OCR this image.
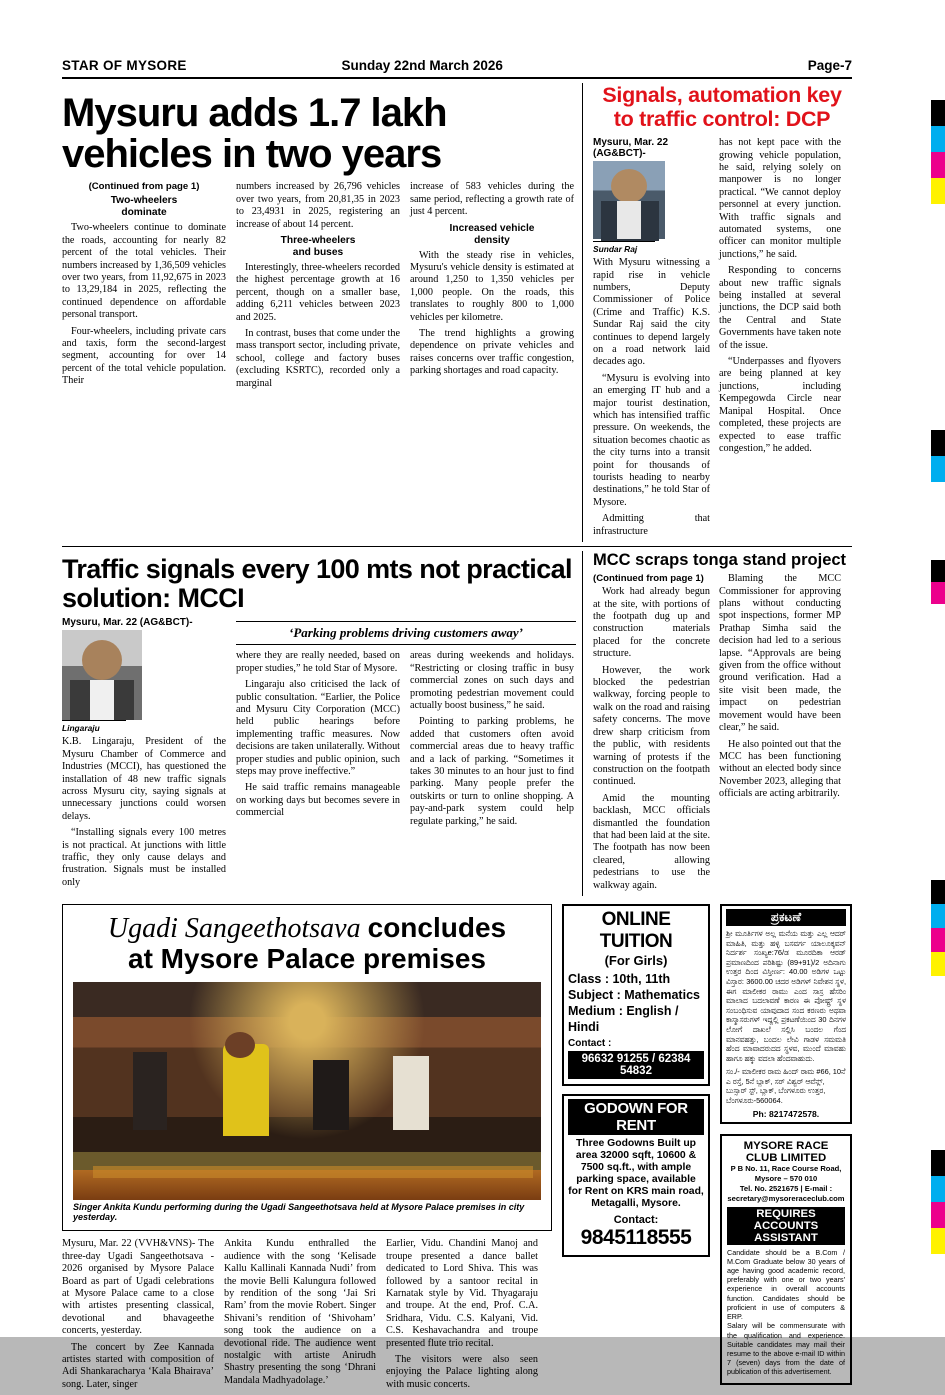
STAR OF MYSORE	Sunday 22nd March 2026	Page-7
Mysuru adds 1.7 lakh vehicles in two years
(Continued from page 1)
Two-wheelers
dominate

Two-wheelers continue to dominate the roads, accounting for nearly 82 percent of the total vehicles. Their numbers increased by 1,36,509 vehicles over two years, from 11,92,675 in 2023 to 13,29,184 in 2025, reflecting the continued dependence on affordable personal transport.

Four-wheelers, including private cars and taxis, form the second-largest segment, accounting for over 14 percent of the total vehicle population. Their

numbers increased by 26,796 vehicles over two years, from 20,81,35 in 2023 to 23,4931 in 2025, registering an increase of about 14 percent.

Three-wheelers
and buses

Interestingly, three-wheelers recorded the highest percentage growth at 16 percent, though on a smaller base, adding 6,211 vehicles between 2023 and 2025.

In contrast, buses that come under the mass transport sector, including private, school, college and factory buses (excluding KSRTC), recorded only a marginal

increase of 583 vehicles during the same period, reflecting a growth rate of just 4 percent.

Increased vehicle
density

With the steady rise in vehicles, Mysuru's vehicle density is estimated at around 1,250 to 1,350 vehicles per 1,000 people. On the roads, this translates to roughly 800 to 1,000 vehicles per kilometre.

The trend highlights a growing dependence on private vehicles and raises concerns over traffic congestion, parking shortages and road capacity.

Signals, automation key to traffic control: DCP
Mysuru, Mar. 22 (AG&BCT)-
Sundar Raj

With Mysuru witnessing a rapid rise in vehicle numbers, Deputy Commissioner of Police (Crime and Traffic) K.S. Sundar Raj said the city continues to depend largely on a road network laid decades ago.

“Mysuru is evolving into an emerging IT hub and a major tourist destination, which has intensified traffic pressure. On weekends, the situation becomes chaotic as the city turns into a transit point for thousands of tourists heading to nearby destinations,” he told Star of Mysore.

Admitting that infrastructure

has not kept pace with the growing vehicle population, he said, relying solely on manpower is no longer practical. “We cannot deploy personnel at every junction. With traffic signals and automated systems, one officer can monitor multiple junctions,” he said.

Responding to concerns about new traffic signals being installed at several junctions, the DCP said both the Central and State Governments have taken note of the issue.

“Underpasses and flyovers are being planned at key junctions, including Kempegowda Circle near Manipal Hospital. Once completed, these projects are expected to ease traffic congestion,” he added.

Traffic signals every 100 mts not practical solution: MCCI
Mysuru, Mar. 22 (AG&BCT)-
Lingaraju

K.B. Lingaraju, President of the Mysuru Chamber of Commerce and Industries (MCCI), has questioned the installation of 48 new traffic signals across Mysuru city, saying signals at unnecessary junctions could worsen delays.

“Installing signals every 100 metres is not practical. At junctions with little traffic, they only cause delays and frustration. Signals must be installed only

‘Parking problems driving customers away’

where they are really needed, based on proper studies,” he told Star of Mysore.

Lingaraju also criticised the lack of public consultation. “Earlier, the Police and Mysuru City Corporation (MCC) held public hearings before implementing traffic measures. Now decisions are taken unilaterally. Without proper studies and public opinion, such steps may prove ineffective.”

He said traffic remains manageable on working days but becomes severe in commercial

areas during weekends and holidays. “Restricting or closing traffic in busy commercial zones on such days and promoting pedestrian movement could actually boost business,” he said.

Pointing to parking problems, he added that customers often avoid commercial areas due to heavy traffic and a lack of parking. “Sometimes it takes 30 minutes to an hour just to find parking. Many people prefer the outskirts or turn to online shopping. A pay-and-park system could help regulate parking,” he said.

MCC scraps tonga stand project
(Continued from page 1)

Work had already begun at the site, with portions of the footpath dug up and construction materials placed for the concrete structure.

However, the work blocked the pedestrian walkway, forcing people to walk on the road and raising safety concerns. The move drew sharp criticism from the public, with residents warning of protests if the construction on the footpath continued.

Amid the mounting backlash, MCC officials dismantled the foundation that had been laid at the site. The footpath has now been cleared, allowing pedestrians to use the walkway again.

Blaming the MCC Commissioner for approving plans without conducting spot inspections, former MP Prathap Simha said the decision had led to a serious lapse. “Approvals are being given from the office without ground verification. Had a site visit been made, the impact on pedestrian movement would have been clear,” he said.

He also pointed out that the MCC has been functioning without an elected body since November 2023, alleging that officials are acting arbitrarily.

Ugadi Sangeethotsava concludes
at Mysore Palace premises
Singer Ankita Kundu performing during the Ugadi Sangeethotsava held at Mysore Palace premises in city yesterday.

Mysuru, Mar. 22 (VVH&VNS)- The three-day Ugadi Sangeethotsava - 2026 organised by Mysore Palace Board as part of Ugadi celebrations at Mysore Palace came to a close with artistes presenting classical, devotional and bhavageethe concerts, yesterday.

The concert by Zee Kannada artistes started with composition of Adi Shankaracharya ‘Kala Bhairava’ song. Later, singer

Ankita Kundu enthralled the audience with the song ‘Kelisade Kallu Kallinali Kannada Nudi’ from the movie Belli Kalungura followed by rendition of the song ‘Jai Sri Ram’ from the movie Robert. Singer Shivani’s rendition of ‘Shivoham’ song took the audience on a devotional ride. The audience went nostalgic with artiste Anirudh Shastry presenting the song ‘Dhrani Mandala Madhyadolage.’

Earlier, Vidu. Chandini Manoj and troupe presented a dance ballet dedicated to Lord Shiva. This was followed by a santoor recital in Karnatak style by Vid. Thyagaraju and troupe. At the end, Prof. C.A. Sridhara, Vidu. C.S. Kalyani, Vid. C.S. Keshavachandra and troupe presented flute trio recital.

The visitors were also seen enjoying the Palace lighting along with music concerts.

ONLINE TUITION
(For Girls)
Class : 10th, 11th
Subject : Mathematics
Medium : English / Hindi
Contact :
96632 91255 / 62384 54832
GODOWN FOR RENT
Three Godowns Built up area 32000 sqft, 10600 & 7500 sq.ft., with ample parking space, available for Rent on KRS main road, Metagalli, Mysore.
Contact:
9845118555
ಪ್ರಕಟಣೆ
ಶ್ರೀ ಮೂರ್ತಿಗಳ ಅಲ್ಲ ಮನೆಯ ಮತ್ತು ಎಲ್ಲ ಆದರ್ ಮಾಹಿತಿ, ಮತ್ತು ಹಳ್ಳಿ ಬಸವರ್ಗ ಯಾಲೂಕ್ಕವನ್ ನಿರ್ದರ್ಶ ಸಂಖ್ಯe:76/ಡ ಮೂರದಿಕಾ ಆರಡ್ ಪ್ರಮಾಣದಿಂದ ಪರಿಶಿಷ್ಟು (89+91)/2 ಅದಿನಾಗು ಉತ್ತರ ದಿಂದ ವಿಸ್ತೀರ್ಣ: 40.00 ಅಡಿಗಳ ಒಟ್ಟು ವಿಸ್ತಾರ: 3600.00 ಚದರ ಅಡಿಗಳ್ ನಿವೇಶನ ಸ್ಥಳ, ಈಗ ಮಾಲೀಕರ ರಾಮು ಎಂದ ಸಾಸ್ರ ಹೆಸರಿಂ ಮಾಲಾದ ಬದಲಾವಣೆ ಕಾರಣ ಈ ಪೋಷ್ಟ್ರ್ ಸ್ಥಳ ಸಂಬಂಧಿಸುವ ಯಾವುದಾದ ಸಂದ ಕರಣರು ಅಥವಾ ಕಾಸ್ಮಾಸರುಗಳ್ ಇದ್ದಲ್ಲಿ ಪ್ರಕಟಣೆಯಿಂದ 30 ದಿನಗಳ ಲೋಗೆ ದಾಖಲೆ ಸಲ್ಲಿಸಿ ಬಂದಲ ಗೆಂದ ಮಾನವಹತ್ತು, ಬಂದಲ ಲೇವಿ ಗಾಡಳ ಸಮಮತಿ ಹೆಂದ ಮಾವಾದರುದದ ಸ್ಥಳವ, ಮುಂದೆ ಮಾವಹು ಹಾಗೂ ಹಕ್ಕು ವದಲಾ ಹೆಂದವಾಹುದು.
ಸಂ./- ಮಾಲೀಕರ ರಾಮ ಹಿಂದ್ ರಾಮ #66, 10ನೆ ಎ ರಸ್ತೆ, 5ನೆ ಬ್ಲಾಕ್, ಸರ್ ವಿಶ್ವರ್ ಆವೆನ್ಲ್, ಬುಸ್ಸಾರ್ ಸ್ಟ್, ಬ್ಲಾಕ್, ಬೆಂಗಳೂರು ಉತ್ತರ, ಬೆಂಗಳೂರು-560064.
Ph: 8217472578.
MYSORE RACE CLUB LIMITED
P B No. 11, Race Course Road, Mysore – 570 010
Tel. No. 2521675 | E-mail : secretary@mysoreraceclub.com
REQUIRES ACCOUNTS ASSISTANT
Candidate should be a B.Com / M.Com Graduate below 30 years of age having good academic record, preferably with one or two years' experience in overall accounts function. Candidates should be proficient in use of computers & ERP.
Salary will be commensurate with the qualification and experience. Suitable candidates may mail their resume to the above e-mail ID within 7 (seven) days from the date of publication of this advertisement.
